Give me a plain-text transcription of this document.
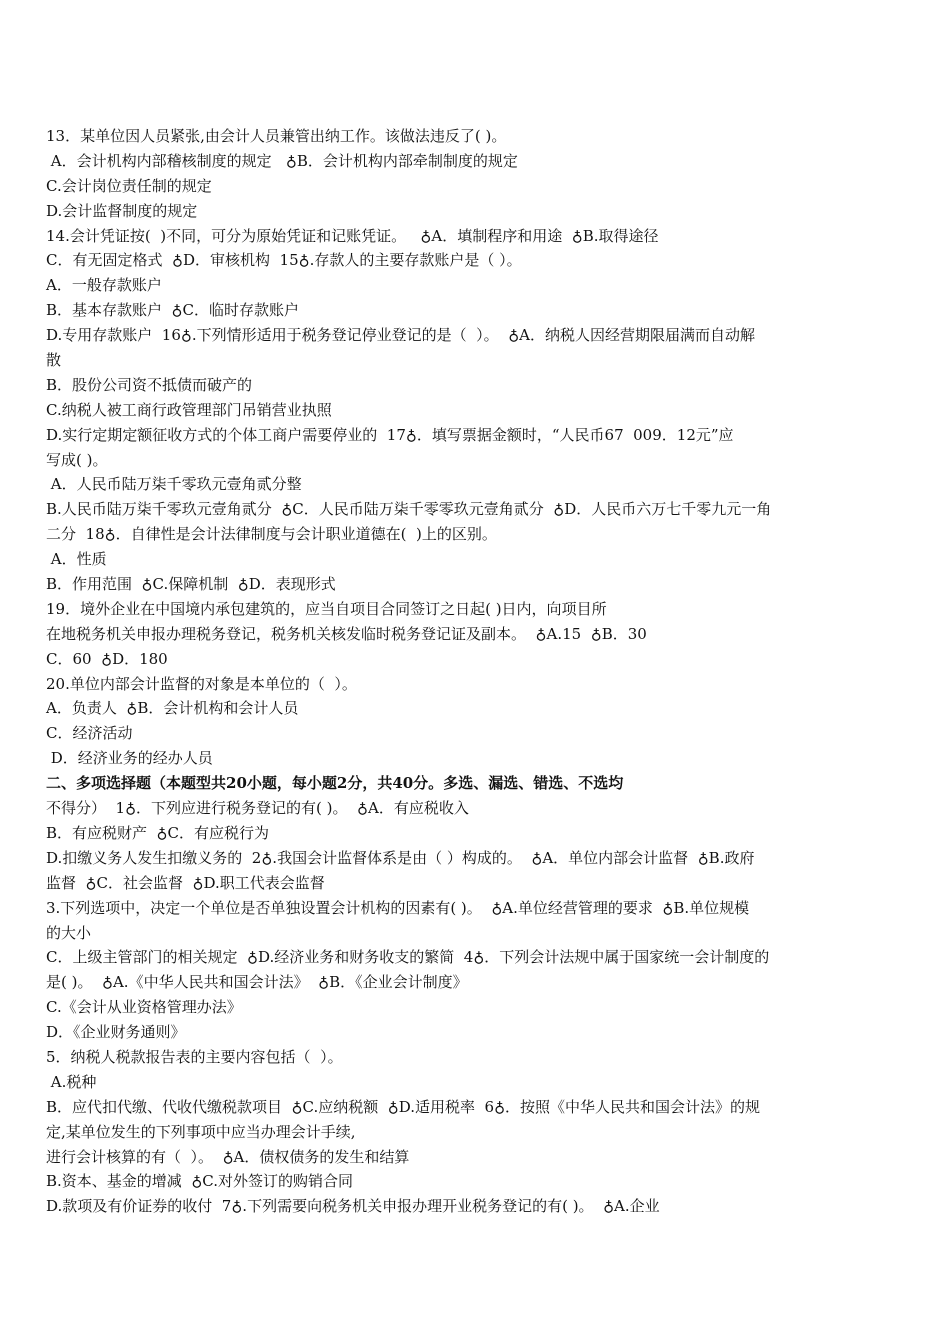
13．某单位因人员紧张,由会计人员兼管出纳工作。该做法违反了( )。
A．会计机构内部稽核制度的规定   ♁B．会计机构内部牵制制度的规定
C.会计岗位责任制的规定
D.会计监督制度的规定
14.会计凭证按(  )不同，可分为原始凭证和记账凭证。   ♁A．填制程序和用途  ♁B.取得途径
C．有无固定格式  ♁D．审核机构  15♁.存款人的主要存款账户是（ ）。
A．一般存款账户
B．基本存款账户  ♁C．临时存款账户
D.专用存款账户  16♁.下列情形适用于税务登记停业登记的是（  ）。  ♁A．纳税人因经营期限届满而自动解
散
B．股份公司资不抵债而破产的
C.纳税人被工商行政管理部门吊销营业执照
D.实行定期定额征收方式的个体工商户需要停业的  17♁．填写票据金额时，“人民币67  009．12元”应
写成( )。
A．人民币陆万柒千零玖元壹角贰分整
B.人民币陆万柒千零玖元壹角贰分  ♁C．人民币陆万柒千零零玖元壹角贰分  ♁D．人民币六万七千零九元一角
二分  18♁．自律性是会计法律制度与会计职业道德在(  )上的区别。
A．性质
B．作用范围  ♁C.保障机制  ♁D．表现形式
19．境外企业在中国境内承包建筑的，应当自项目合同签订之日起( )日内，向项目所
在地税务机关申报办理税务登记，税务机关核发临时税务登记证及副本。  ♁A.15  ♁B．30
C．60  ♁D．180
20.单位内部会计监督的对象是本单位的（  ）。
A．负责人  ♁B．会计机构和会计人员
C．经济活动
D．经济业务的经办人员
二、多项选择题（本题型共20小题，每小题2分，共40分。多选、漏选、错选、不选均
不得分）  1♁．下列应进行税务登记的有( )。  ♁A．有应税收入
B．有应税财产  ♁C．有应税行为
D.扣缴义务人发生扣缴义务的  2♁.我国会计监督体系是由（ ）构成的。  ♁A．单位内部会计监督  ♁B.政府
监督  ♁C．社会监督  ♁D.职工代表会监督
3.下列选项中，决定一个单位是否单独设置会计机构的因素有( )。  ♁A.单位经营管理的要求  ♁B.单位规模
的大小
C．上级主管部门的相关规定  ♁D.经济业务和财务收支的繁简  4♁．下列会计法规中属于国家统一会计制度的
是( )。  ♁A.《中华人民共和国会计法》  ♁B．《企业会计制度》
C.《会计从业资格管理办法》
D．《企业财务通则》
5．纳税人税款报告表的主要内容包括（  ）。
A.税种
B．应代扣代缴、代收代缴税款项目  ♁C.应纳税额  ♁D.适用税率  6♁．按照《中华人民共和国会计法》的规
定,某单位发生的下列事项中应当办理会计手续,
进行会计核算的有（  ）。  ♁A．债权债务的发生和结算
B.资本、基金的增减  ♁C.对外签订的购销合同
D.款项及有价证券的收付  7♁.下列需要向税务机关申报办理开业税务登记的有( )。  ♁A.企业
